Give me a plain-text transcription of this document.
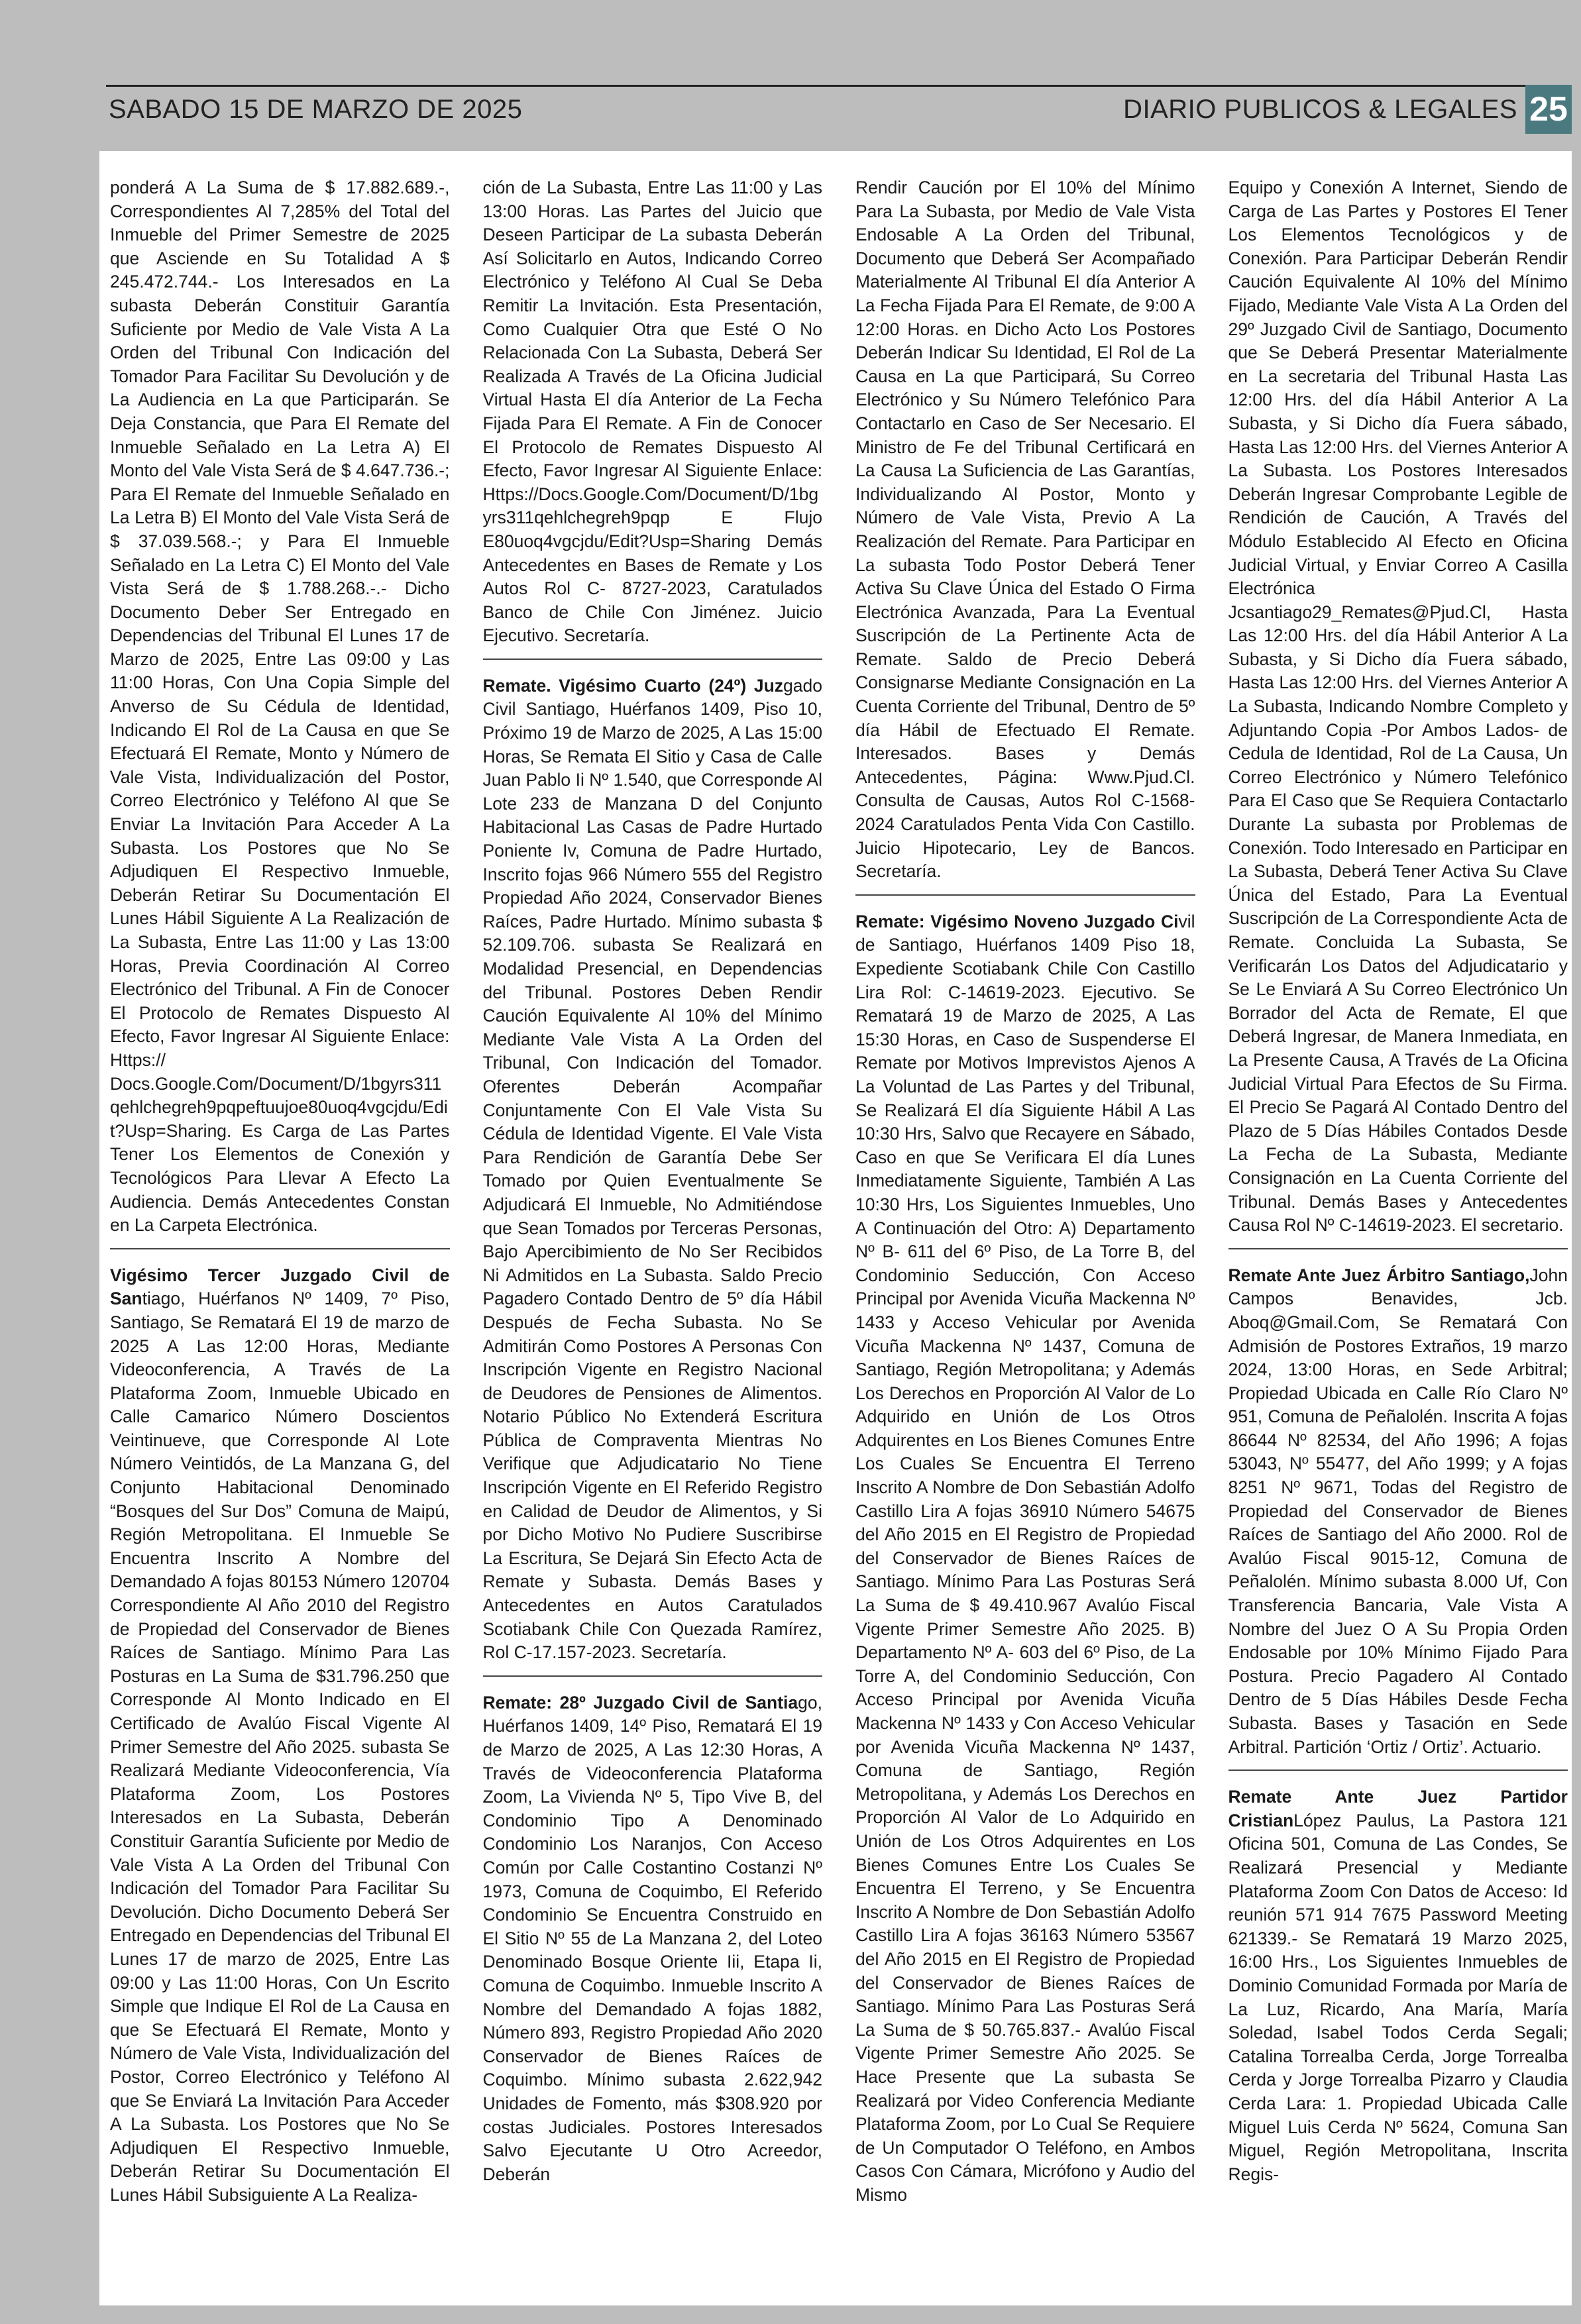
SABADO 15 DE MARZO DE 2025	DIARIO PUBLICOS & LEGALES 25

ponderá A La Suma de $ 17.882.689.-, Correspondientes Al 7,285% del Total del Inmueble del Primer Semestre de 2025 que Asciende en Su Totalidad A $ 245.472.744.- Los Interesados en La subasta Deberán Constituir Garantía Suficiente por Medio de Vale Vista A La Orden del Tribunal Con Indicación del Tomador Para Facilitar Su Devolución y de La Audiencia en La que Participarán. Se Deja Constancia, que Para El Remate del Inmueble Señalado en La Letra A) El Monto del Vale Vista Será de $ 4.647.736.-; Para El Remate del Inmueble Señalado en La Letra B) El Monto del Vale Vista Será de $ 37.039.568.-; y Para El Inmueble Señalado en La Letra C) El Monto del Vale Vista Será de $ 1.788.268.-.- Dicho Documento Deber Ser Entregado en Dependencias del Tribunal El Lunes 17 de Marzo de 2025, Entre Las 09:00 y Las 11:00 Horas, Con Una Copia Simple del Anverso de Su Cédula de Identidad, Indicando El Rol de La Causa en que Se Efectuará El Remate, Monto y Número de Vale Vista, Individualización del Postor, Correo Electrónico y Teléfono Al que Se Enviar La Invitación Para Acceder A La Subasta. Los Postores que No Se Adjudiquen El Respectivo Inmueble, Deberán Retirar Su Documentación El Lunes Hábil Siguiente A La Realización de La Subasta, Entre Las 11:00 y Las 13:00 Horas, Previa Coordinación Al Correo Electrónico del Tribunal. A Fin de Conocer El Protocolo de Remates Dispuesto Al Efecto, Favor Ingresar Al Siguiente Enlace: Https:// Docs.Google.Com/Document/D/1bgyrs311qehlchegreh9pqpeftuujoe80uoq4vgcjdu/Edit?Usp=Sharing. Es Carga de Las Partes Tener Los Elementos de Conexión y Tecnológicos Para Llevar A Efecto La Audiencia. Demás Antecedentes Constan en La Carpeta Electrónica.

Vigésimo Tercer Juzgado Civil de Santiago, Huérfanos Nº 1409, 7º Piso, Santiago, Se Rematará El 19 de marzo de 2025 A Las 12:00 Horas, Mediante Videoconferencia, A Través de La Plataforma Zoom, Inmueble Ubicado en Calle Camarico Número Doscientos Veintinueve, que Corresponde Al Lote Número Veintidós, de La Manzana G, del Conjunto Habitacional Denominado “Bosques del Sur Dos” Comuna de Maipú, Región Metropolitana. El Inmueble Se Encuentra Inscrito A Nombre del Demandado A fojas 80153 Número 120704 Correspondiente Al Año 2010 del Registro de Propiedad del Conservador de Bienes Raíces de Santiago. Mínimo Para Las Posturas en La Suma de $31.796.250 que Corresponde Al Monto Indicado en El Certificado de Avalúo Fiscal Vigente Al Primer Semestre del Año 2025. subasta Se Realizará Mediante Videoconferencia, Vía Plataforma Zoom, Los Postores Interesados en La Subasta, Deberán Constituir Garantía Suficiente por Medio de Vale Vista A La Orden del Tribunal Con Indicación del Tomador Para Facilitar Su Devolución. Dicho Documento Deberá Ser Entregado en Dependencias del Tribunal El Lunes 17 de marzo de 2025, Entre Las 09:00 y Las 11:00 Horas, Con Un Escrito Simple que Indique El Rol de La Causa en que Se Efectuará El Remate, Monto y Número de Vale Vista, Individualización del Postor, Correo Electrónico y Teléfono Al que Se Enviará La Invitación Para Acceder A La Subasta. Los Postores que No Se Adjudiquen El Respectivo Inmueble, Deberán Retirar Su Documentación El Lunes Hábil Subsiguiente A La Realiza-

ción de La Subasta, Entre Las 11:00 y Las 13:00 Horas. Las Partes del Juicio que Deseen Participar de La subasta Deberán Así Solicitarlo en Autos, Indicando Correo Electrónico y Teléfono Al Cual Se Deba Remitir La Invitación. Esta Presentación, Como Cualquier Otra que Esté O No Relacionada Con La Subasta, Deberá Ser Realizada A Través de La Oficina Judicial Virtual Hasta El día Anterior de La Fecha Fijada Para El Remate. A Fin de Conocer El Protocolo de Remates Dispuesto Al Efecto, Favor Ingresar Al Siguiente Enlace: Https://Docs.Google.Com/Document/D/1bgyrs311qehlchegreh9pqp E Flujo E80uoq4vgcjdu/Edit?Usp=Sharing Demás Antecedentes en Bases de Remate y Los Autos Rol C- 8727-2023, Caratulados Banco de Chile Con Jiménez. Juicio Ejecutivo. Secretaría.

Remate. Vigésimo Cuarto (24º) Juzgado Civil Santiago, Huérfanos 1409, Piso 10, Próximo 19 de Marzo de 2025, A Las 15:00 Horas, Se Remata El Sitio y Casa de Calle Juan Pablo Ii Nº 1.540, que Corresponde Al Lote 233 de Manzana D del Conjunto Habitacional Las Casas de Padre Hurtado Poniente Iv, Comuna de Padre Hurtado, Inscrito fojas 966 Número 555 del Registro Propiedad Año 2024, Conservador Bienes Raíces, Padre Hurtado. Mínimo subasta $ 52.109.706. subasta Se Realizará en Modalidad Presencial, en Dependencias del Tribunal. Postores Deben Rendir Caución Equivalente Al 10% del Mínimo Mediante Vale Vista A La Orden del Tribunal, Con Indicación del Tomador. Oferentes Deberán Acompañar Conjuntamente Con El Vale Vista Su Cédula de Identidad Vigente. El Vale Vista Para Rendición de Garantía Debe Ser Tomado por Quien Eventualmente Se Adjudicará El Inmueble, No Admitiéndose que Sean Tomados por Terceras Personas, Bajo Apercibimiento de No Ser Recibidos Ni Admitidos en La Subasta. Saldo Precio Pagadero Contado Dentro de 5º día Hábil Después de Fecha Subasta. No Se Admitirán Como Postores A Personas Con Inscripción Vigente en Registro Nacional de Deudores de Pensiones de Alimentos. Notario Público No Extenderá Escritura Pública de Compraventa Mientras No Verifique que Adjudicatario No Tiene Inscripción Vigente en El Referido Registro en Calidad de Deudor de Alimentos, y Si por Dicho Motivo No Pudiere Suscribirse La Escritura, Se Dejará Sin Efecto Acta de Remate y Subasta. Demás Bases y Antecedentes en Autos Caratulados Scotiabank Chile Con Quezada Ramírez, Rol C-17.157-2023. Secretaría.

Remate: 28º Juzgado Civil de Santiago, Huérfanos 1409, 14º Piso, Rematará El 19 de Marzo de 2025, A Las 12:30 Horas, A Través de Videoconferencia Plataforma Zoom, La Vivienda Nº 5, Tipo Vive B, del Condominio Tipo A Denominado Condominio Los Naranjos, Con Acceso Común por Calle Costantino Costanzi Nº 1973, Comuna de Coquimbo, El Referido Condominio Se Encuentra Construido en El Sitio Nº 55 de La Manzana 2, del Loteo Denominado Bosque Oriente Iii, Etapa Ii, Comuna de Coquimbo. Inmueble Inscrito A Nombre del Demandado A fojas 1882, Número 893, Registro Propiedad Año 2020 Conservador de Bienes Raíces de Coquimbo. Mínimo subasta 2.622,942 Unidades de Fomento, más $308.920 por costas Judiciales. Postores Interesados Salvo Ejecutante U Otro Acreedor, Deberán

Rendir Caución por El 10% del Mínimo Para La Subasta, por Medio de Vale Vista Endosable A La Orden del Tribunal, Documento que Deberá Ser Acompañado Materialmente Al Tribunal El día Anterior A La Fecha Fijada Para El Remate, de 9:00 A 12:00 Horas. en Dicho Acto Los Postores Deberán Indicar Su Identidad, El Rol de La Causa en La que Participará, Su Correo Electrónico y Su Número Telefónico Para Contactarlo en Caso de Ser Necesario. El Ministro de Fe del Tribunal Certificará en La Causa La Suficiencia de Las Garantías, Individualizando Al Postor, Monto y Número de Vale Vista, Previo A La Realización del Remate. Para Participar en La subasta Todo Postor Deberá Tener Activa Su Clave Única del Estado O Firma Electrónica Avanzada, Para La Eventual Suscripción de La Pertinente Acta de Remate. Saldo de Precio Deberá Consignarse Mediante Consignación en La Cuenta Corriente del Tribunal, Dentro de 5º día Hábil de Efectuado El Remate. Interesados. Bases y Demás Antecedentes, Página: Www.Pjud.Cl. Consulta de Causas, Autos Rol C-1568-2024 Caratulados Penta Vida Con Castillo. Juicio Hipotecario, Ley de Bancos. Secretaría.

Remate: Vigésimo Noveno Juzgado Civil de Santiago, Huérfanos 1409 Piso 18, Expediente Scotiabank Chile Con Castillo Lira Rol: C-14619-2023. Ejecutivo. Se Rematará 19 de Marzo de 2025, A Las 15:30 Horas, en Caso de Suspenderse El Remate por Motivos Imprevistos Ajenos A La Voluntad de Las Partes y del Tribunal, Se Realizará El día Siguiente Hábil A Las 10:30 Hrs, Salvo que Recayere en Sábado, Caso en que Se Verificara El día Lunes Inmediatamente Siguiente, También A Las 10:30 Hrs, Los Siguientes Inmuebles, Uno A Continuación del Otro: A) Departamento Nº B- 611 del 6º Piso, de La Torre B, del Condominio Seducción, Con Acceso Principal por Avenida Vicuña Mackenna Nº 1433 y Acceso Vehicular por Avenida Vicuña Mackenna Nº 1437, Comuna de Santiago, Región Metropolitana; y Además Los Derechos en Proporción Al Valor de Lo Adquirido en Unión de Los Otros Adquirentes en Los Bienes Comunes Entre Los Cuales Se Encuentra El Terreno Inscrito A Nombre de Don Sebastián Adolfo Castillo Lira A fojas 36910 Número 54675 del Año 2015 en El Registro de Propiedad del Conservador de Bienes Raíces de Santiago. Mínimo Para Las Posturas Será La Suma de $ 49.410.967 Avalúo Fiscal Vigente Primer Semestre Año 2025. B) Departamento Nº A- 603 del 6º Piso, de La Torre A, del Condominio Seducción, Con Acceso Principal por Avenida Vicuña Mackenna Nº 1433 y Con Acceso Vehicular por Avenida Vicuña Mackenna Nº 1437, Comuna de Santiago, Región Metropolitana, y Además Los Derechos en Proporción Al Valor de Lo Adquirido en Unión de Los Otros Adquirentes en Los Bienes Comunes Entre Los Cuales Se Encuentra El Terreno, y Se Encuentra Inscrito A Nombre de Don Sebastián Adolfo Castillo Lira A fojas 36163 Número 53567 del Año 2015 en El Registro de Propiedad del Conservador de Bienes Raíces de Santiago. Mínimo Para Las Posturas Será La Suma de $ 50.765.837.- Avalúo Fiscal Vigente Primer Semestre Año 2025. Se Hace Presente que La subasta Se Realizará por Video Conferencia Mediante Plataforma Zoom, por Lo Cual Se Requiere de Un Computador O Teléfono, en Ambos Casos Con Cámara, Micrófono y Audio del Mismo

Equipo y Conexión A Internet, Siendo de Carga de Las Partes y Postores El Tener Los Elementos Tecnológicos y de Conexión. Para Participar Deberán Rendir Caución Equivalente Al 10% del Mínimo Fijado, Mediante Vale Vista A La Orden del 29º Juzgado Civil de Santiago, Documento que Se Deberá Presentar Materialmente en La secretaria del Tribunal Hasta Las 12:00 Hrs. del día Hábil Anterior A La Subasta, y Si Dicho día Fuera sábado, Hasta Las 12:00 Hrs. del Viernes Anterior A La Subasta. Los Postores Interesados Deberán Ingresar Comprobante Legible de Rendición de Caución, A Través del Módulo Establecido Al Efecto en Oficina Judicial Virtual, y Enviar Correo A Casilla Electrónica Jcsantiago29_Remates@Pjud.Cl, Hasta Las 12:00 Hrs. del día Hábil Anterior A La Subasta, y Si Dicho día Fuera sábado, Hasta Las 12:00 Hrs. del Viernes Anterior A La Subasta, Indicando Nombre Completo y Adjuntando Copia -Por Ambos Lados- de Cedula de Identidad, Rol de La Causa, Un Correo Electrónico y Número Telefónico Para El Caso que Se Requiera Contactarlo Durante La subasta por Problemas de Conexión. Todo Interesado en Participar en La Subasta, Deberá Tener Activa Su Clave Única del Estado, Para La Eventual Suscripción de La Correspondiente Acta de Remate. Concluida La Subasta, Se Verificarán Los Datos del Adjudicatario y Se Le Enviará A Su Correo Electrónico Un Borrador del Acta de Remate, El que Deberá Ingresar, de Manera Inmediata, en La Presente Causa, A Través de La Oficina Judicial Virtual Para Efectos de Su Firma. El Precio Se Pagará Al Contado Dentro del Plazo de 5 Días Hábiles Contados Desde La Fecha de La Subasta, Mediante Consignación en La Cuenta Corriente del Tribunal. Demás Bases y Antecedentes Causa Rol Nº C-14619-2023. El secretario.

Remate Ante Juez Árbitro Santiago,John Campos Benavides, Jcb. Aboq@Gmail.Com, Se Rematará Con Admisión de Postores Extraños, 19 marzo 2024, 13:00 Horas, en Sede Arbitral; Propiedad Ubicada en Calle Río Claro Nº 951, Comuna de Peñalolén. Inscrita A fojas 86644 Nº 82534, del Año 1996; A fojas 53043, Nº 55477, del Año 1999; y A fojas 8251 Nº 9671, Todas del Registro de Propiedad del Conservador de Bienes Raíces de Santiago del Año 2000. Rol de Avalúo Fiscal 9015-12, Comuna de Peñalolén. Mínimo subasta 8.000 Uf, Con Transferencia Bancaria, Vale Vista A Nombre del Juez O A Su Propia Orden Endosable por 10% Mínimo Fijado Para Postura. Precio Pagadero Al Contado Dentro de 5 Días Hábiles Desde Fecha Subasta. Bases y Tasación en Sede Arbitral. Partición ‘Ortiz / Ortiz’. Actuario.

Remate Ante Juez Partidor CristianLópez Paulus, La Pastora 121 Oficina 501, Comuna de Las Condes, Se Realizará Presencial y Mediante Plataforma Zoom Con Datos de Acceso: Id reunión 571 914 7675 Password Meeting 621339.- Se Rematará 19 Marzo 2025, 16:00 Hrs., Los Siguientes Inmuebles de Dominio Comunidad Formada por María de La Luz, Ricardo, Ana María, María Soledad, Isabel Todos Cerda Segali; Catalina Torrealba Cerda, Jorge Torrealba Cerda y Jorge Torrealba Pizarro y Claudia Cerda Lara: 1. Propiedad Ubicada Calle Miguel Luis Cerda Nº 5624, Comuna San Miguel, Región Metropolitana, Inscrita Regis-
